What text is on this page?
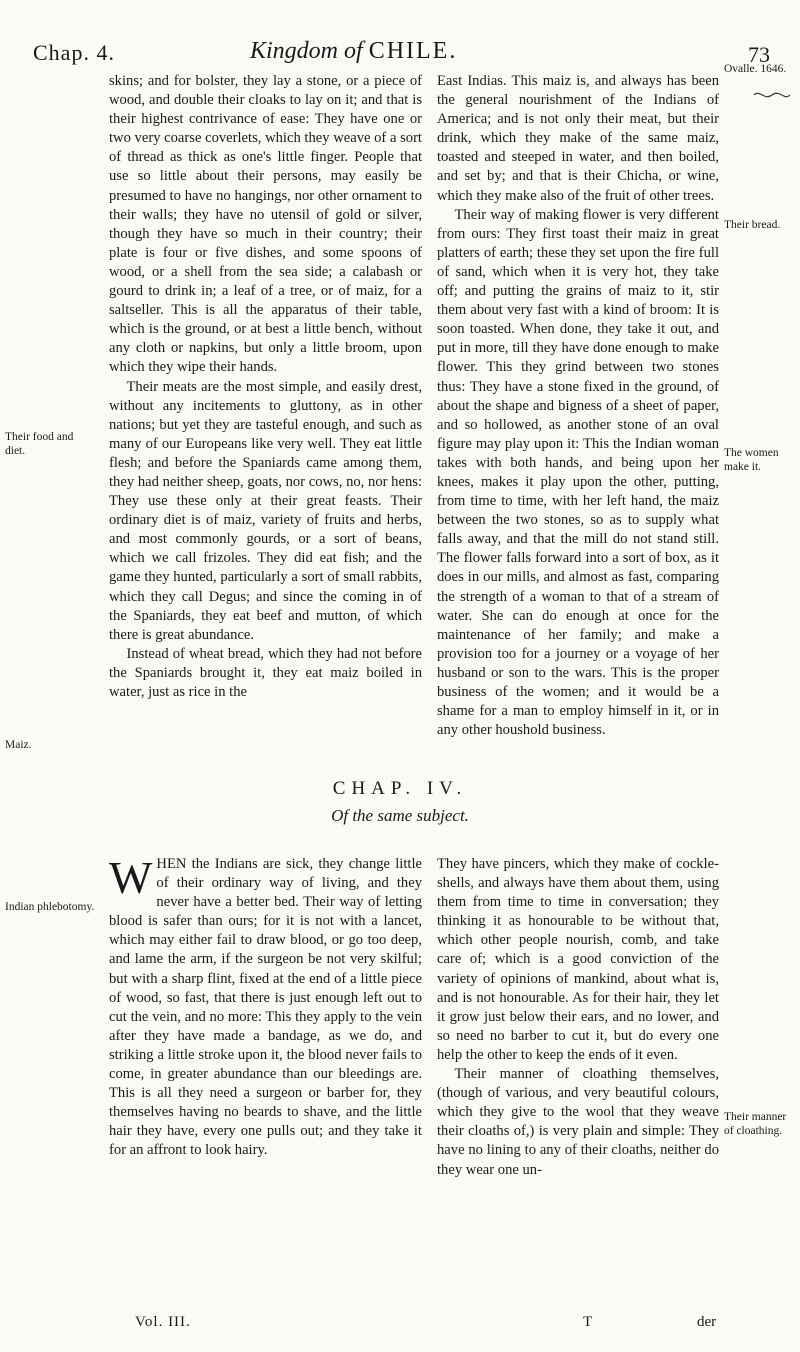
Chap. 4.	Kingdom of CHILE.	73
Ovalle. 1646.
Their food and diet.
Maiz.
Their bread.
The women make it.
Indian phlebotomy.
Their manner of cloathing.

skins; and for bolster, they lay a stone, or a piece of wood, and double their cloaks to lay on it; and that is their highest contrivance of ease: They have one or two very coarse coverlets, which they weave of a sort of thread as thick as one's little finger. People that use so little about their persons, may easily be presumed to have no hangings, nor other ornament to their walls; they have no utensil of gold or silver, though they have so much in their country; their plate is four or five dishes, and some spoons of wood, or a shell from the sea side; a calabash or gourd to drink in; a leaf of a tree, or of maiz, for a saltseller. This is all the apparatus of their table, which is the ground, or at best a little bench, without any cloth or napkins, but only a little broom, upon which they wipe their hands.

Their meats are the most simple, and easily drest, without any incitements to gluttony, as in other nations; but yet they are tasteful enough, and such as many of our Europeans like very well. They eat little flesh; and before the Spaniards came among them, they had neither sheep, goats, nor cows, no, nor hens: They use these only at their great feasts. Their ordinary diet is of maiz, variety of fruits and herbs, and most commonly gourds, or a sort of beans, which we call frizoles. They did eat fish; and the game they hunted, particularly a sort of small rabbits, which they call Degus; and since the coming in of the Spaniards, they eat beef and mutton, of which there is great abundance.

Instead of wheat bread, which they had not before the Spaniards brought it, they eat maiz boiled in water, just as rice in the

East Indias. This maiz is, and always has been the general nourishment of the Indians of America; and is not only their meat, but their drink, which they make of the same maiz, toasted and steeped in water, and then boiled, and set by; and that is their Chicha, or wine, which they make also of the fruit of other trees.

Their way of making flower is very different from ours: They first toast their maiz in great platters of earth; these they set upon the fire full of sand, which when it is very hot, they take off; and putting the grains of maiz to it, stir them about very fast with a kind of broom: It is soon toasted. When done, they take it out, and put in more, till they have done enough to make flower. This they grind between two stones thus: They have a stone fixed in the ground, of about the shape and bigness of a sheet of paper, and so hollowed, as another stone of an oval figure may play upon it: This the Indian woman takes with both hands, and being upon her knees, makes it play upon the other, putting, from time to time, with her left hand, the maiz between the two stones, so as to supply what falls away, and that the mill do not stand still. The flower falls forward into a sort of box, as it does in our mills, and almost as fast, comparing the strength of a woman to that of a stream of water. She can do enough at once for the maintenance of her family; and make a provision too for a journey or a voyage of her husband or son to the wars. This is the proper business of the women; and it would be a shame for a man to employ himself in it, or in any other houshold business.

CHAP. IV.
Of the same subject.

WHEN the Indians are sick, they change little of their ordinary way of living, and they never have a better bed. Their way of letting blood is safer than ours; for it is not with a lancet, which may either fail to draw blood, or go too deep, and lame the arm, if the surgeon be not very skilful; but with a sharp flint, fixed at the end of a little piece of wood, so fast, that there is just enough left out to cut the vein, and no more: This they apply to the vein after they have made a bandage, as we do, and striking a little stroke upon it, the blood never fails to come, in greater abundance than our bleedings are. This is all they need a surgeon or barber for, they themselves having no beards to shave, and the little hair they have, every one pulls out; and they take it for an affront to look hairy.

They have pincers, which they make of cockle-shells, and always have them about them, using them from time to time in conversation; they thinking it as honourable to be without that, which other people nourish, comb, and take care of; which is a good conviction of the variety of opinions of mankind, about what is, and is not honourable. As for their hair, they let it grow just below their ears, and no lower, and so need no barber to cut it, but do every one help the other to keep the ends of it even.

Their manner of cloathing themselves, (though of various, and very beautiful colours, which they give to the wool that they weave their cloaths of,) is very plain and simple: They have no lining to any of their cloaths, neither do they wear one un-

Vol. III.	T	der
